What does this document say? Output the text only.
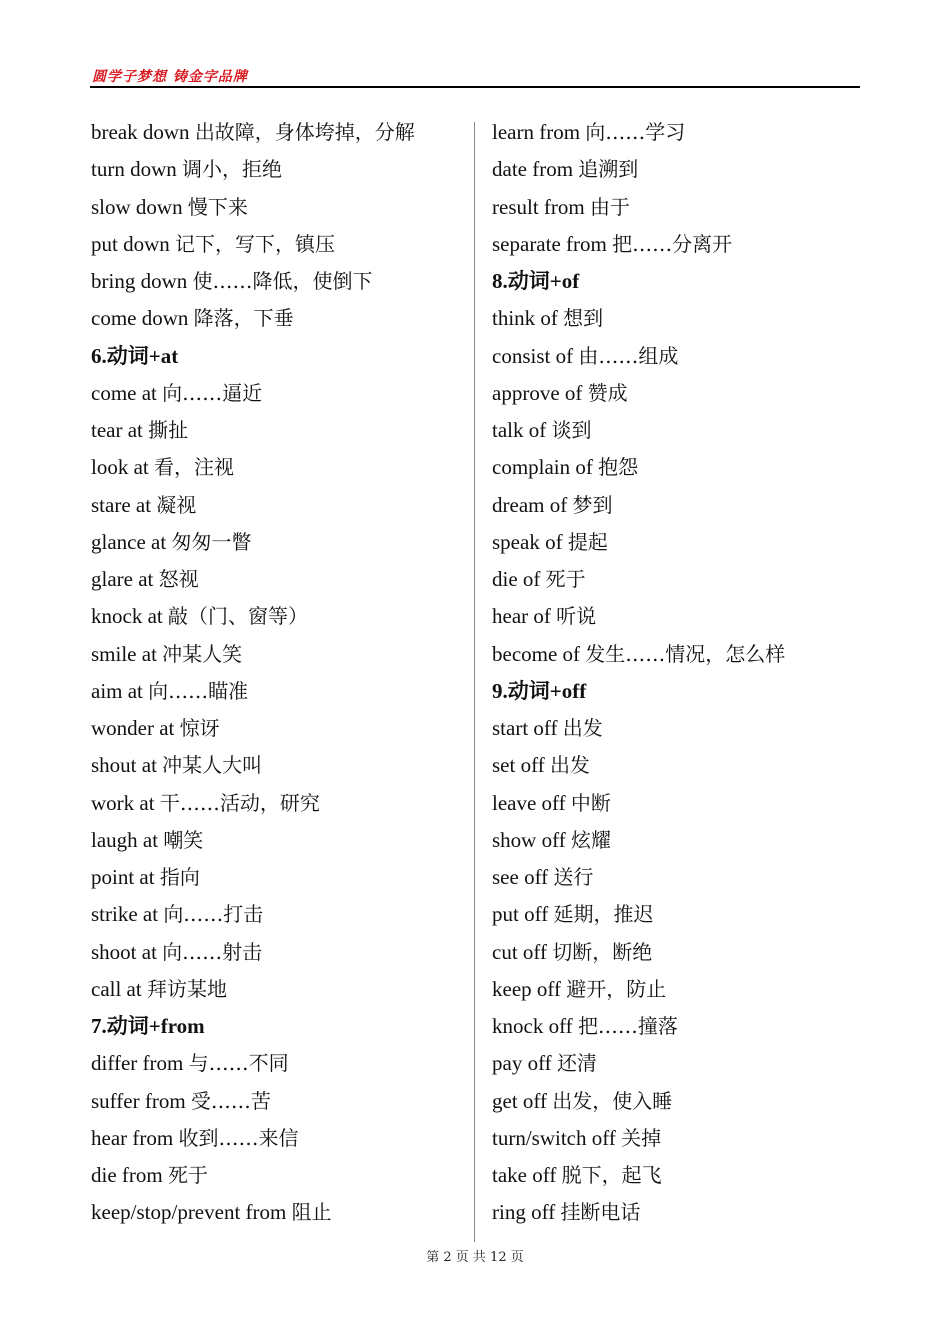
圆学子梦想 铸金字品牌
break down 出故障，身体垮掉，分解
turn down 调小，拒绝
slow down 慢下来
put down 记下，写下，镇压
bring down 使……降低，使倒下
come down 降落，下垂
6.动词+at
come at 向……逼近
tear at 撕扯
look at 看，注视
stare at 凝视
glance at 匆匆一瞥
glare at 怒视
knock at 敲（门、窗等）
smile at 冲某人笑
aim at 向……瞄准
wonder at 惊讶
shout at 冲某人大叫
work at 干……活动，研究
laugh at 嘲笑
point at 指向
strike at 向……打击
shoot at 向……射击
call at 拜访某地
7.动词+from
differ from 与……不同
suffer from 受……苦
hear from 收到……来信
die from 死于
keep/stop/prevent from 阻止
learn from 向……学习
date from 追溯到
result from 由于
separate from 把……分离开
8.动词+of
think of 想到
consist of 由……组成
approve of 赞成
talk of 谈到
complain of 抱怨
dream of 梦到
speak of 提起
die of 死于
hear of 听说
become of 发生……情况，怎么样
9.动词+off
start off 出发
set off 出发
leave off 中断
show off 炫耀
see off 送行
put off 延期，推迟
cut off 切断，断绝
keep off 避开，防止
knock off 把……撞落
pay off 还清
get off 出发，使入睡
turn/switch off 关掉
take off 脱下，起飞
ring off 挂断电话
第 2 页 共 12 页
